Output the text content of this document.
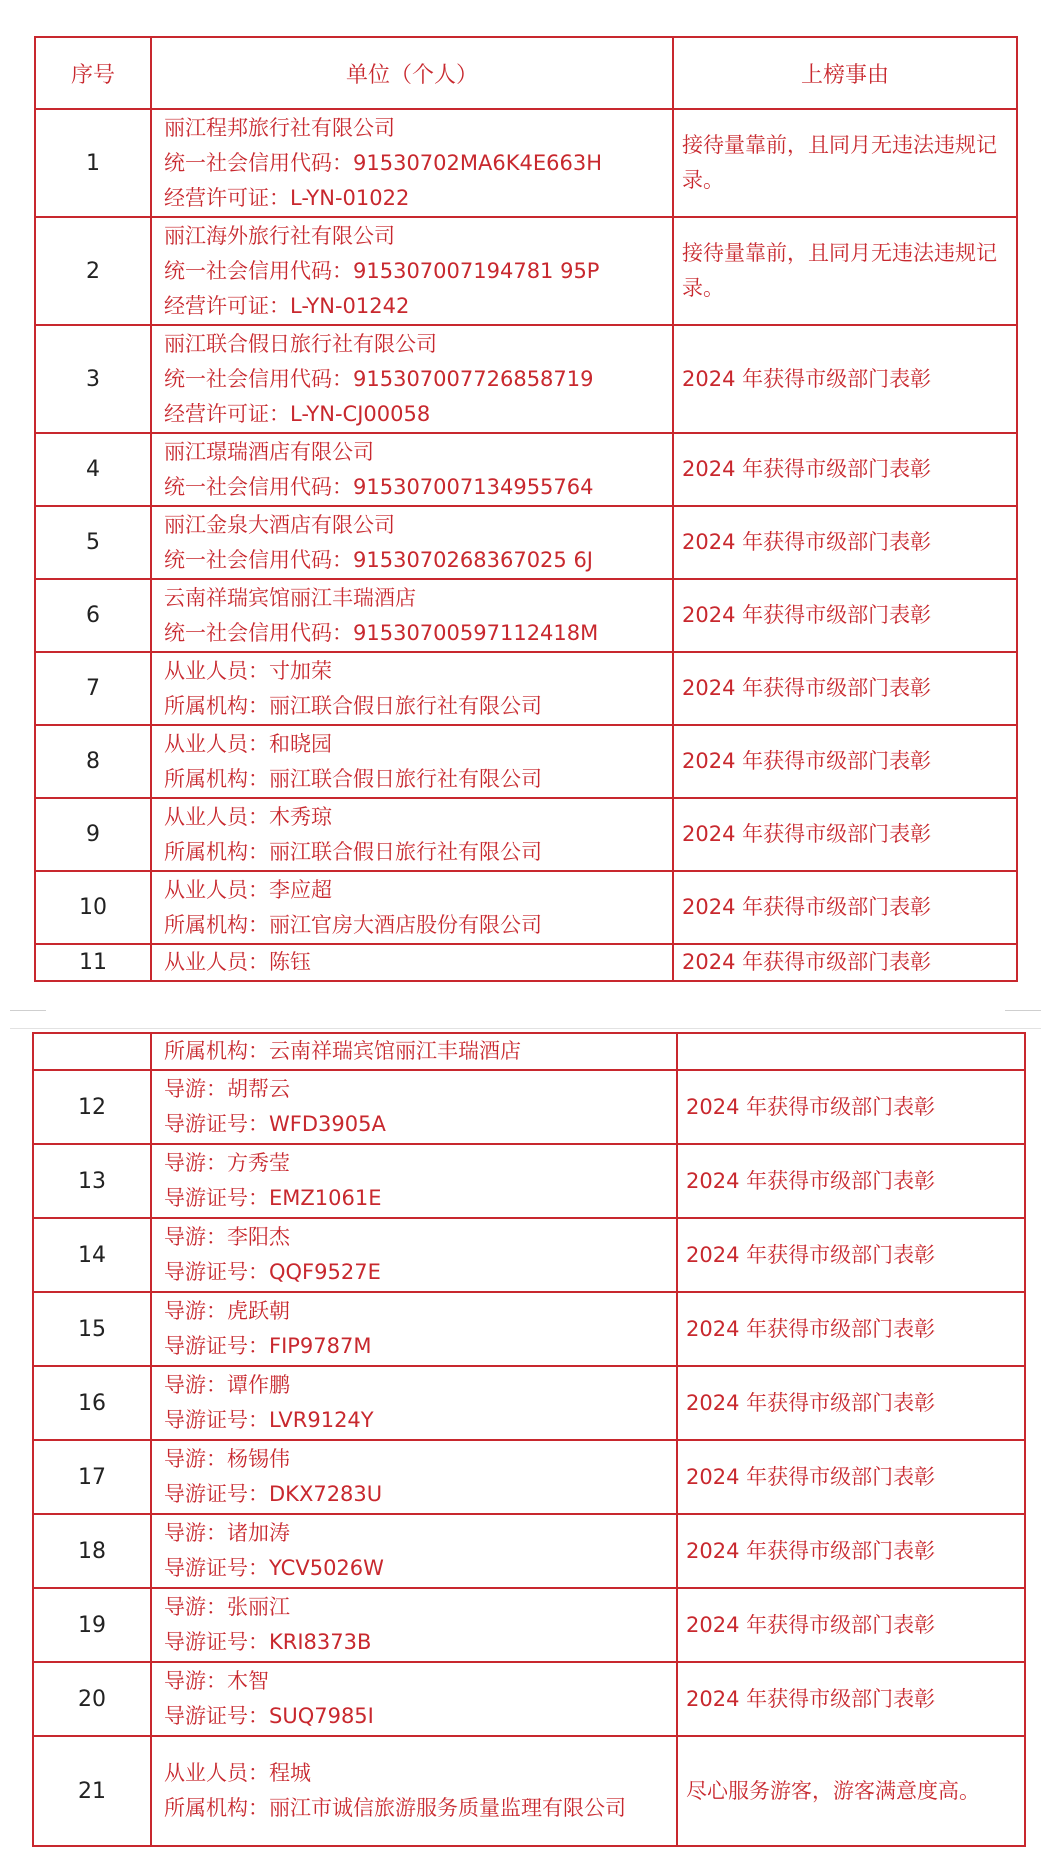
序号	单位（个人）	上榜事由
1	丽江程邦旅行社有限公司
统一社会信用代码：91530702MA6K4E663H
经营许可证：L-YN-01022	接待量靠前，且同月无违法违规记录。
2	丽江海外旅行社有限公司
统一社会信用代码：915307007194781 95P
经营许可证：L-YN-01242	接待量靠前，且同月无违法违规记录。
3	丽江联合假日旅行社有限公司
统一社会信用代码：915307007726858719
经营许可证：L-YN-CJ00058	2024 年获得市级部门表彰
4	丽江璟瑞酒店有限公司
统一社会信用代码：915307007134955764	2024 年获得市级部门表彰
5	丽江金泉大酒店有限公司
统一社会信用代码：9153070268367025 6J	2024 年获得市级部门表彰
6	云南祥瑞宾馆丽江丰瑞酒店
统一社会信用代码：91530700597112418M	2024 年获得市级部门表彰
7	从业人员：寸加荣
所属机构：丽江联合假日旅行社有限公司	2024 年获得市级部门表彰
8	从业人员：和晓园
所属机构：丽江联合假日旅行社有限公司	2024 年获得市级部门表彰
9	从业人员：木秀琼
所属机构：丽江联合假日旅行社有限公司	2024 年获得市级部门表彰
10	从业人员：李应超
所属机构：丽江官房大酒店股份有限公司	2024 年获得市级部门表彰
11	从业人员：陈钰	2024 年获得市级部门表彰

	所属机构：云南祥瑞宾馆丽江丰瑞酒店	

12	导游：胡帮云
导游证号：WFD3905A	2024 年获得市级部门表彰
13	导游：方秀莹
导游证号：EMZ1061E	2024 年获得市级部门表彰
14	导游：李阳杰
导游证号：QQF9527E	2024 年获得市级部门表彰
15	导游：虎跃朝
导游证号：FIP9787M	2024 年获得市级部门表彰
16	导游：谭作鹏
导游证号：LVR9124Y	2024 年获得市级部门表彰
17	导游：杨锡伟
导游证号：DKX7283U	2024 年获得市级部门表彰
18	导游：诸加涛
导游证号：YCV5026W	2024 年获得市级部门表彰
19	导游：张丽江
导游证号：KRI8373B	2024 年获得市级部门表彰
20	导游：木智
导游证号：SUQ7985I	2024 年获得市级部门表彰
21	从业人员：程城
所属机构：丽江市诚信旅游服务质量监理有限公司	尽心服务游客，游客满意度高。
